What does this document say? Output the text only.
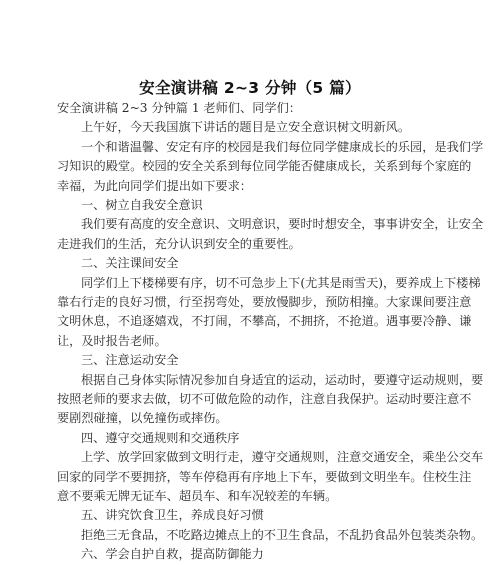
安全演讲稿 2~3 分钟（5 篇）
安全演讲稿 2~3 分钟篇 1 老师们、同学们：
上午好，今天我国旗下讲话的题目是立安全意识树文明新风。
一个和谐温馨、安定有序的校园是我们每位同学健康成长的乐园，是我们学
习知识的殿堂。校园的安全关系到每位同学能否健康成长，关系到每个家庭的
幸福，为此向同学们提出如下要求：
一、树立自我安全意识
我们要有高度的安全意识、文明意识，要时时想安全，事事讲安全，让安全
走进我们的生活，充分认识到安全的重要性。
二、关注课间安全
同学们上下楼梯要有序，切不可急步上下(尤其是雨雪天)，要养成上下楼梯
靠右行走的良好习惯，行至拐弯处，要放慢脚步，预防相撞。大家课间要注意
文明休息，不追逐嬉戏，不打闹，不攀高，不拥挤，不抢道。遇事要冷静、谦
让，及时报告老师。
三、注意运动安全
根据自己身体实际情况参加自身适宜的运动，运动时，要遵守运动规则，要
按照老师的要求去做，切不可做危险的动作，注意自我保护。运动时要注意不
要剧烈碰撞，以免撞伤或摔伤。
四、遵守交通规则和交通秩序
上学、放学回家做到文明行走，遵守交通规则，注意交通安全，乘坐公交车
回家的同学不要拥挤，等车停稳再有序地上下车，要做到文明坐车。住校生注
意不要乘无牌无证车、超员车、和车况较差的车辆。
五、讲究饮食卫生，养成良好习惯
拒绝三无食品，不吃路边摊点上的不卫生食品，不乱扔食品外包装类杂物。
六、学会自护自救，提高防御能力
